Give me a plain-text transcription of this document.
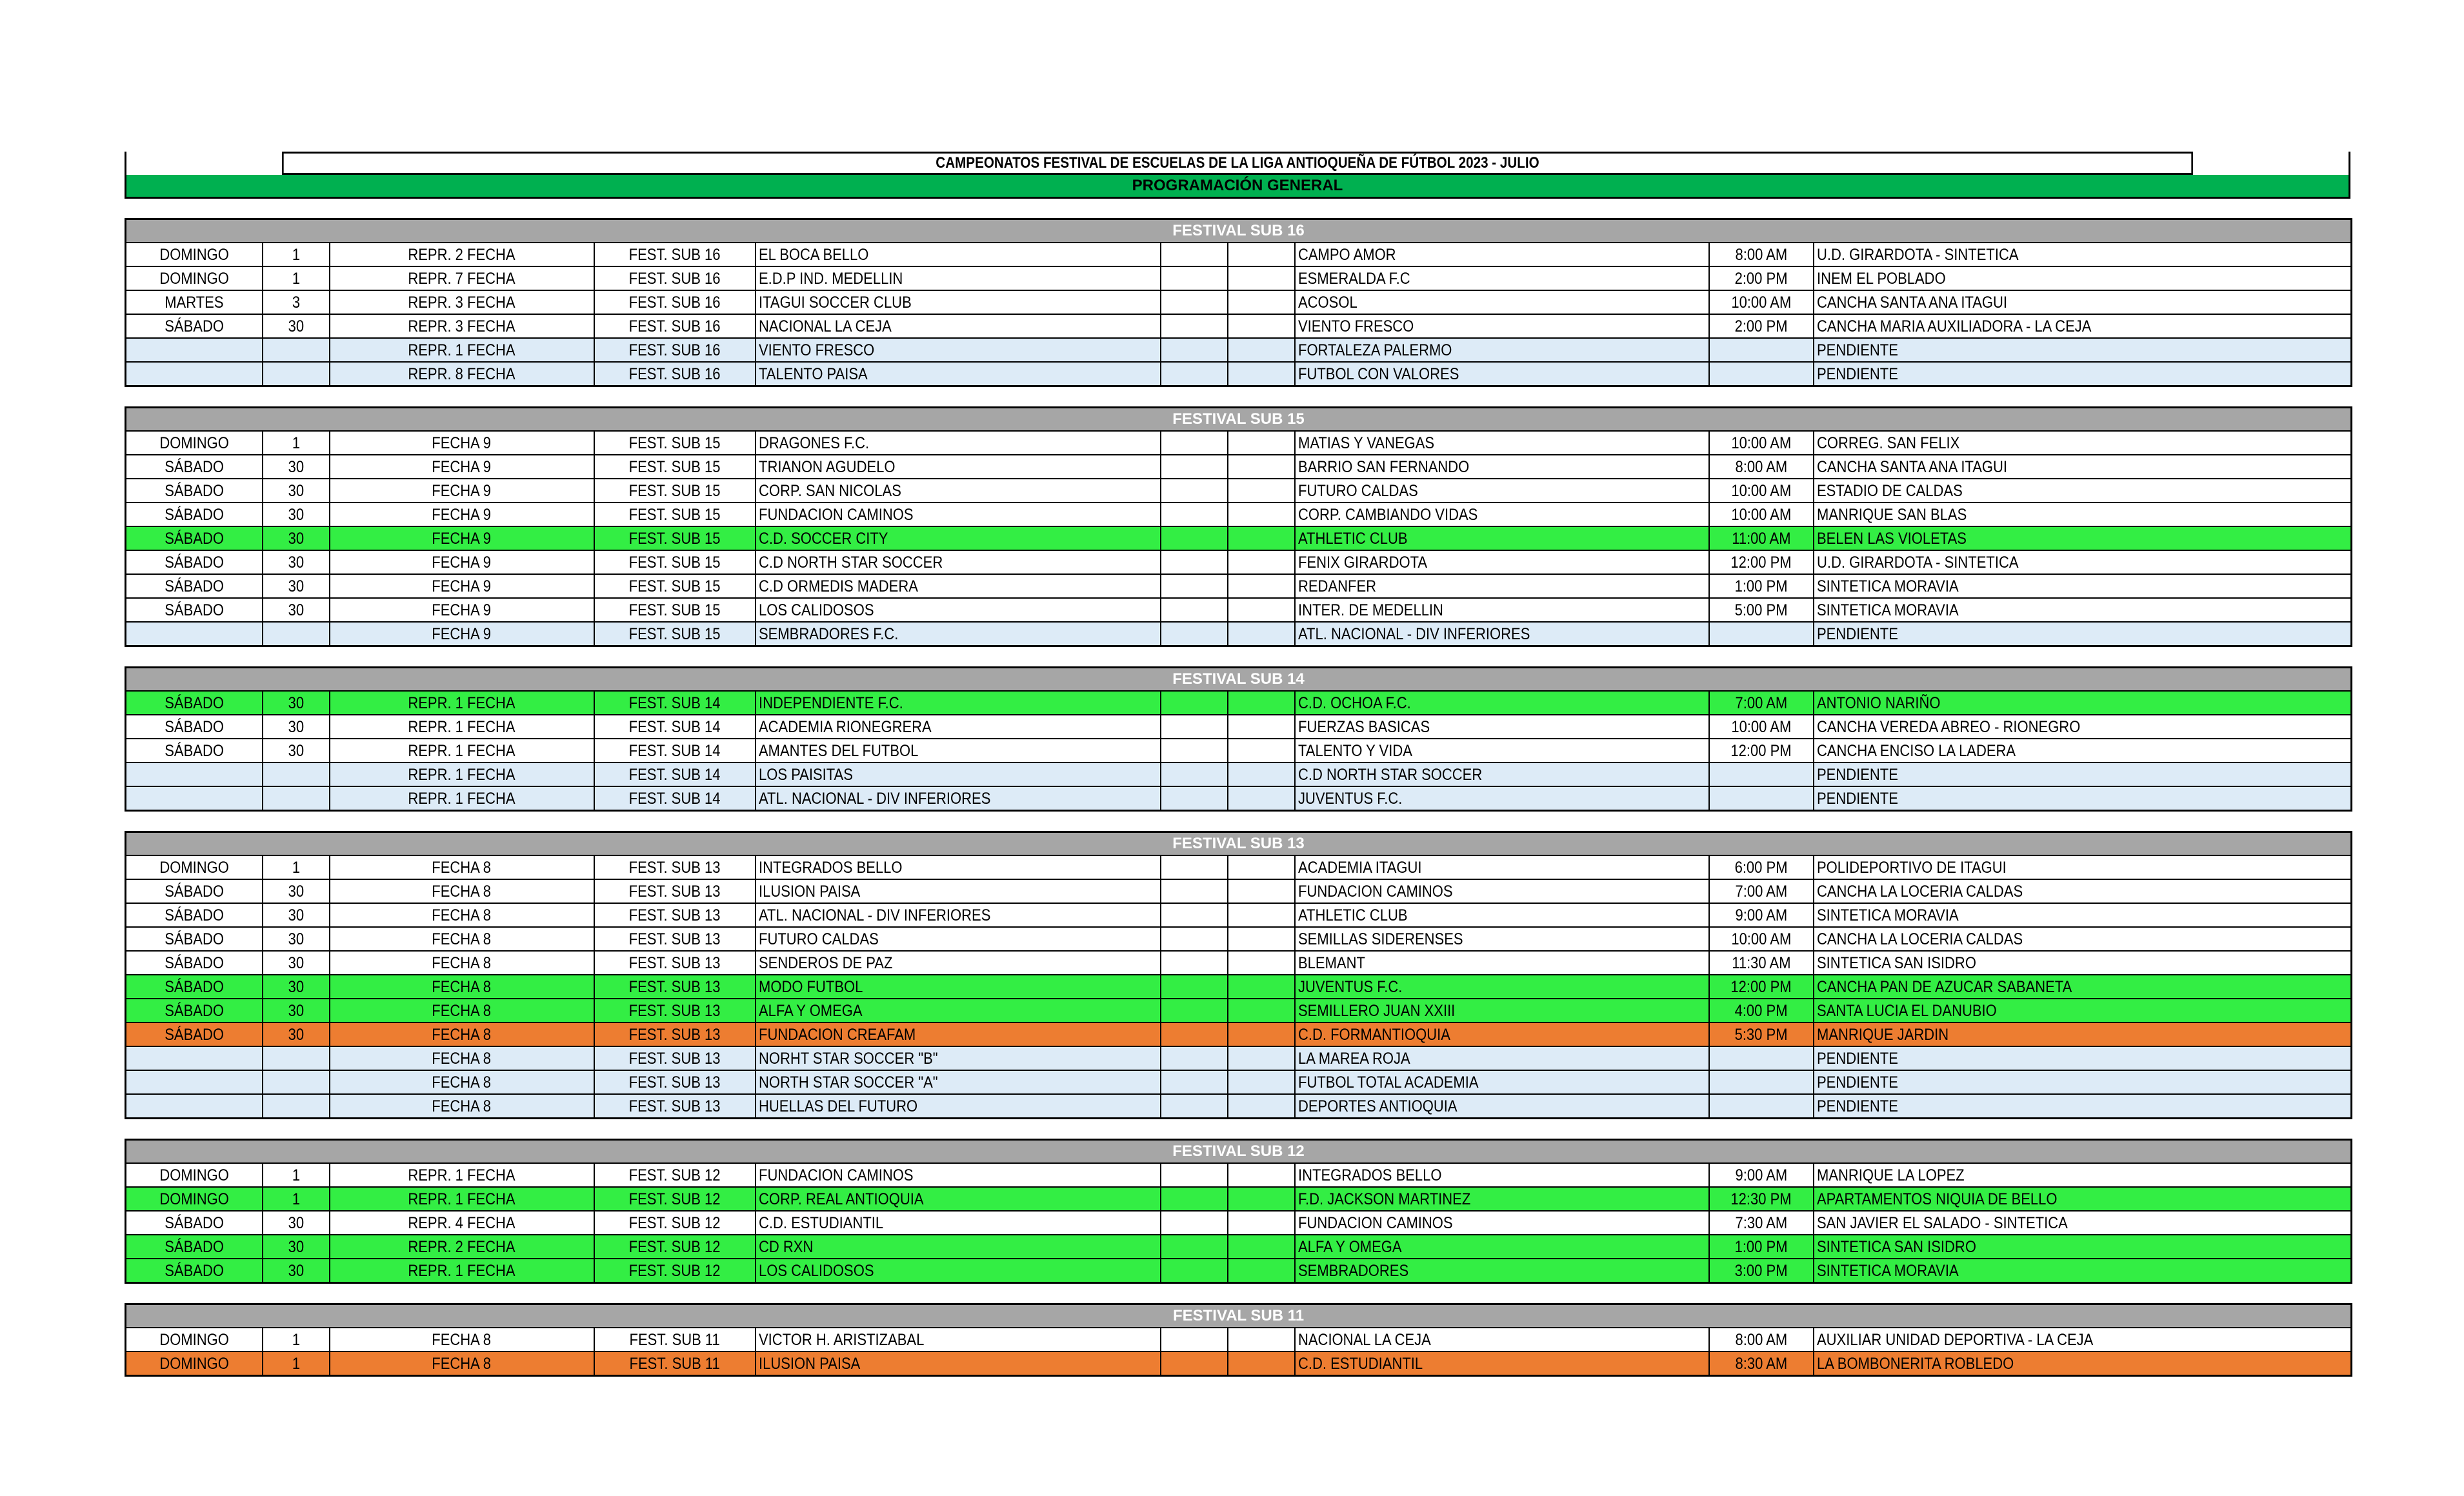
CAMPEONATOS FESTIVAL DE ESCUELAS DE LA LIGA ANTIOQUEÑA DE FÚTBOL 2023 - JULIO
PROGRAMACIÓN GENERAL
FESTIVAL SUB 16									
DOMINGO	1	REPR. 2 FECHA	FEST. SUB 16	EL BOCA BELLO			CAMPO AMOR	8:00 AM	U.D. GIRARDOTA - SINTETICA
DOMINGO	1	REPR. 7 FECHA	FEST. SUB 16	E.D.P IND. MEDELLIN			ESMERALDA F.C	2:00 PM	INEM EL POBLADO
MARTES	3	REPR. 3 FECHA	FEST. SUB 16	ITAGUI SOCCER CLUB			ACOSOL	10:00 AM	CANCHA SANTA ANA ITAGUI
SÁBADO	30	REPR. 3 FECHA	FEST. SUB 16	NACIONAL LA CEJA			VIENTO FRESCO	2:00 PM	CANCHA MARIA AUXILIADORA - LA CEJA
		REPR. 1 FECHA	FEST. SUB 16	VIENTO FRESCO			FORTALEZA PALERMO		PENDIENTE
		REPR. 8 FECHA	FEST. SUB 16	TALENTO PAISA			FUTBOL CON VALORES		PENDIENTE
FESTIVAL SUB 15									
DOMINGO	1	FECHA 9	FEST. SUB 15	DRAGONES F.C.			MATIAS Y VANEGAS	10:00 AM	CORREG. SAN FELIX
SÁBADO	30	FECHA 9	FEST. SUB 15	TRIANON AGUDELO			BARRIO SAN FERNANDO	8:00 AM	CANCHA SANTA ANA ITAGUI
SÁBADO	30	FECHA 9	FEST. SUB 15	CORP. SAN NICOLAS			FUTURO CALDAS	10:00 AM	ESTADIO DE CALDAS
SÁBADO	30	FECHA 9	FEST. SUB 15	FUNDACION CAMINOS			CORP. CAMBIANDO VIDAS	10:00 AM	MANRIQUE SAN BLAS
SÁBADO	30	FECHA 9	FEST. SUB 15	C.D. SOCCER CITY			ATHLETIC CLUB	11:00 AM	BELEN LAS VIOLETAS
SÁBADO	30	FECHA 9	FEST. SUB 15	C.D NORTH STAR SOCCER			FENIX GIRARDOTA	12:00 PM	U.D. GIRARDOTA - SINTETICA
SÁBADO	30	FECHA 9	FEST. SUB 15	C.D ORMEDIS MADERA			REDANFER	1:00 PM	SINTETICA MORAVIA
SÁBADO	30	FECHA 9	FEST. SUB 15	LOS CALIDOSOS			INTER. DE MEDELLIN	5:00 PM	SINTETICA MORAVIA
		FECHA 9	FEST. SUB 15	SEMBRADORES F.C.			ATL. NACIONAL - DIV INFERIORES		PENDIENTE
FESTIVAL SUB 14									
SÁBADO	30	REPR. 1 FECHA	FEST. SUB 14	INDEPENDIENTE F.C.			C.D. OCHOA F.C.	7:00 AM	ANTONIO NARIÑO
SÁBADO	30	REPR. 1 FECHA	FEST. SUB 14	ACADEMIA RIONEGRERA			FUERZAS BASICAS	10:00 AM	CANCHA VEREDA ABREO - RIONEGRO
SÁBADO	30	REPR. 1 FECHA	FEST. SUB 14	AMANTES DEL FUTBOL			TALENTO Y VIDA	12:00 PM	CANCHA ENCISO LA LADERA
		REPR. 1 FECHA	FEST. SUB 14	LOS PAISITAS			C.D NORTH STAR SOCCER		PENDIENTE
		REPR. 1 FECHA	FEST. SUB 14	ATL. NACIONAL - DIV INFERIORES			JUVENTUS F.C.		PENDIENTE
FESTIVAL SUB 13									
DOMINGO	1	FECHA 8	FEST. SUB 13	INTEGRADOS BELLO			ACADEMIA ITAGUI	6:00 PM	POLIDEPORTIVO DE ITAGUI
SÁBADO	30	FECHA 8	FEST. SUB 13	ILUSION PAISA			FUNDACION CAMINOS	7:00 AM	CANCHA LA LOCERIA CALDAS
SÁBADO	30	FECHA 8	FEST. SUB 13	ATL. NACIONAL - DIV INFERIORES			ATHLETIC CLUB	9:00 AM	SINTETICA MORAVIA
SÁBADO	30	FECHA 8	FEST. SUB 13	FUTURO CALDAS			SEMILLAS SIDERENSES	10:00 AM	CANCHA LA LOCERIA CALDAS
SÁBADO	30	FECHA 8	FEST. SUB 13	SENDEROS DE PAZ			BLEMANT	11:30 AM	SINTETICA SAN ISIDRO
SÁBADO	30	FECHA 8	FEST. SUB 13	MODO FUTBOL			JUVENTUS F.C.	12:00 PM	CANCHA PAN DE AZUCAR SABANETA
SÁBADO	30	FECHA 8	FEST. SUB 13	ALFA Y OMEGA			SEMILLERO JUAN XXIII	4:00 PM	SANTA LUCIA EL DANUBIO
SÁBADO	30	FECHA 8	FEST. SUB 13	FUNDACION CREAFAM			C.D. FORMANTIOQUIA	5:30 PM	MANRIQUE JARDIN
		FECHA 8	FEST. SUB 13	NORHT STAR SOCCER "B"			LA MAREA ROJA		PENDIENTE
		FECHA 8	FEST. SUB 13	NORTH STAR SOCCER "A"			FUTBOL TOTAL ACADEMIA		PENDIENTE
		FECHA 8	FEST. SUB 13	HUELLAS DEL FUTURO			DEPORTES ANTIOQUIA		PENDIENTE
FESTIVAL SUB 12									
DOMINGO	1	REPR. 1 FECHA	FEST. SUB 12	FUNDACION CAMINOS			INTEGRADOS BELLO	9:00 AM	MANRIQUE LA LOPEZ
DOMINGO	1	REPR. 1 FECHA	FEST. SUB 12	CORP. REAL ANTIOQUIA			F.D. JACKSON MARTINEZ	12:30 PM	APARTAMENTOS NIQUIA DE BELLO
SÁBADO	30	REPR. 4 FECHA	FEST. SUB 12	C.D. ESTUDIANTIL			FUNDACION CAMINOS	7:30 AM	SAN JAVIER EL SALADO - SINTETICA
SÁBADO	30	REPR. 2 FECHA	FEST. SUB 12	CD RXN			ALFA Y OMEGA	1:00 PM	SINTETICA SAN ISIDRO
SÁBADO	30	REPR. 1 FECHA	FEST. SUB 12	LOS CALIDOSOS			SEMBRADORES	3:00 PM	SINTETICA MORAVIA
FESTIVAL SUB 11									
DOMINGO	1	FECHA 8	FEST. SUB 11	VICTOR H. ARISTIZABAL			NACIONAL LA CEJA	8:00 AM	AUXILIAR UNIDAD DEPORTIVA - LA CEJA
DOMINGO	1	FECHA 8	FEST. SUB 11	ILUSION PAISA			C.D. ESTUDIANTIL	8:30 AM	LA BOMBONERITA ROBLEDO
